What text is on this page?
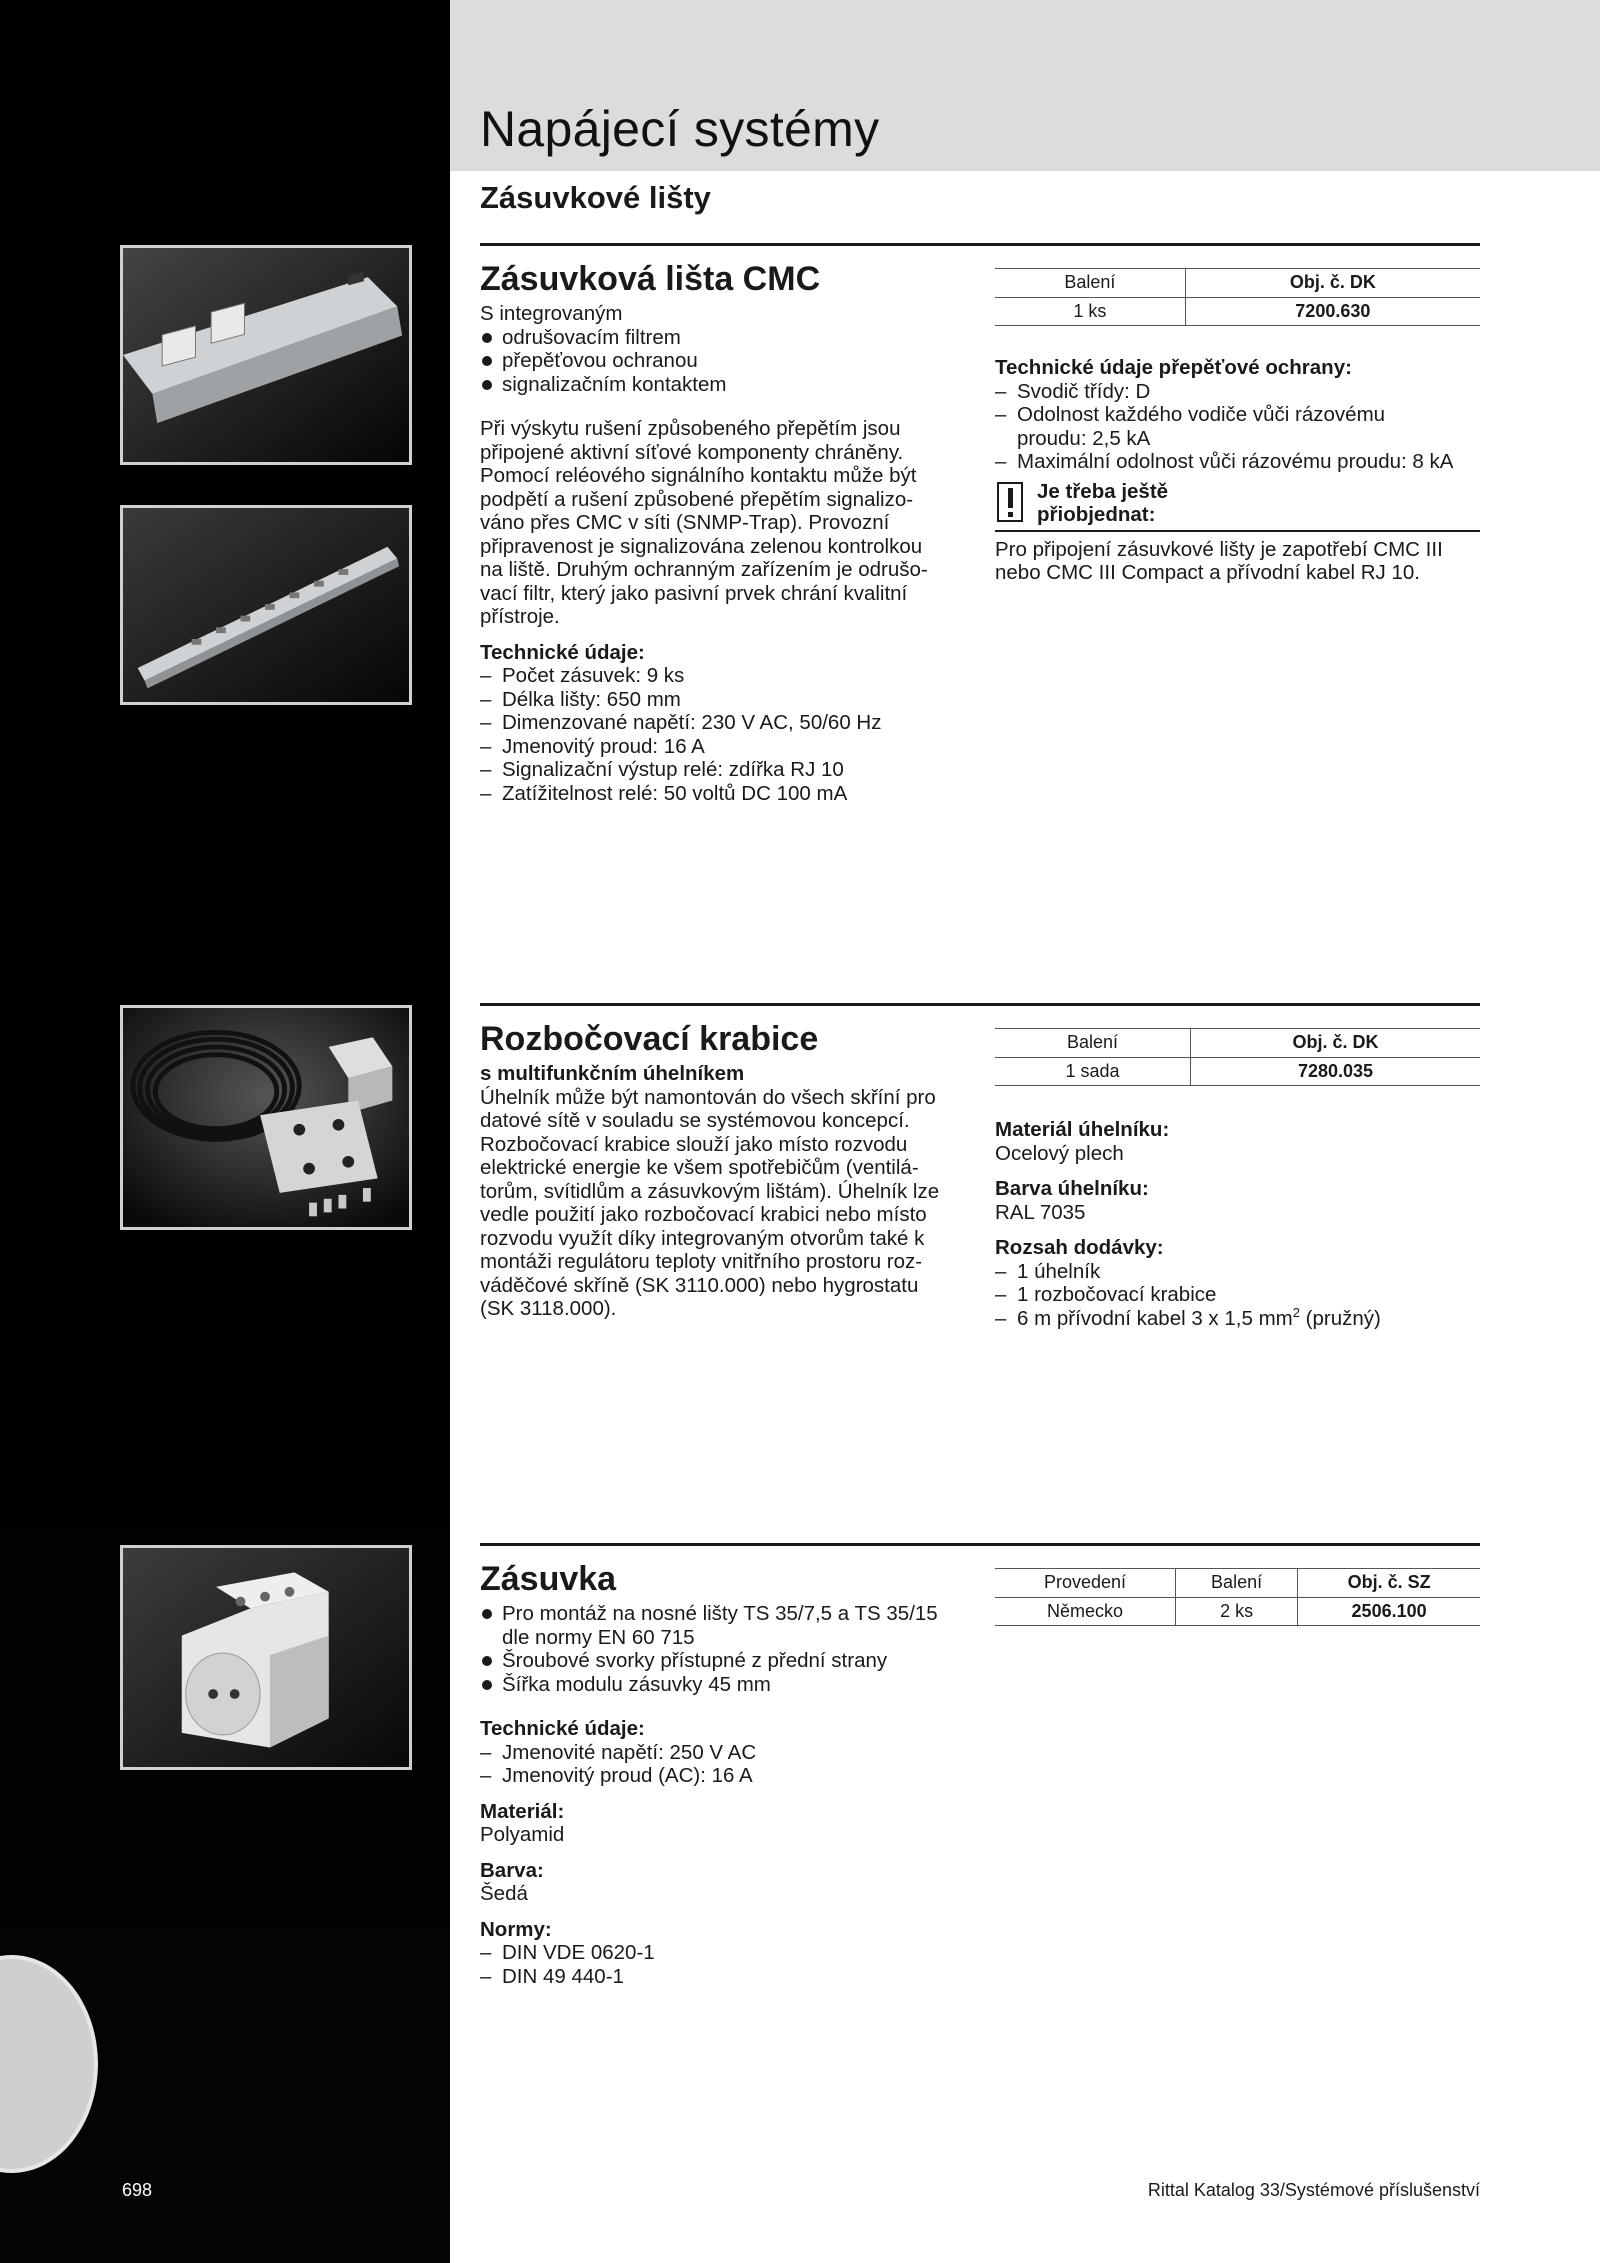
Napájecí systémy
Zásuvkové lišty
Zásuvková lišta CMC

S integrovaným

odrušovacím filtrem
přepěťovou ochranou
signalizačním kontaktem
Při výskytu rušení způsobeného přepětím jsou
připojené aktivní síťové komponenty chráněny.
Pomocí reléového signálního kontaktu může být
podpětí a rušení způsobené přepětím signalizo-
váno přes CMC v síti (SNMP-Trap). Provozní
připravenost je signalizována zelenou kontrolkou
na liště. Druhým ochranným zařízením je odrušo-
vací filtr, který jako pasivní prvek chrání kvalitní
přístroje.

Technické údaje:

– Počet zásuvek: 9 ks
– Délka lišty: 650 mm
– Dimenzované napětí: 230 V AC, 50/60 Hz
– Jmenovitý proud: 16 A
– Signalizační výstup relé: zdířka RJ 10
– Zatížitelnost relé: 50 voltů DC 100 mA
Balení	Obj. č. DK
1 ks	7200.630

Technické údaje přepěťové ochrany:

– Svodič třídy: D
– Odolnost každého vodiče vůči rázovému
proudu: 2,5 kA
– Maximální odolnost vůči rázovému proudu: 8 kA
Je třeba ještě
přiobjednat:
Pro připojení zásuvkové lišty je zapotřebí CMC III
nebo CMC III Compact a přívodní kabel RJ 10.
Rozbočovací krabice

s multifunkčním úhelníkem

Úhelník může být namontován do všech skříní pro
datové sítě v souladu se systémovou koncepcí.
Rozbočovací krabice slouží jako místo rozvodu
elektrické energie ke všem spotřebičům (ventilá-
torům, svítidlům a zásuvkovým lištám). Úhelník lze
vedle použití jako rozbočovací krabici nebo místo
rozvodu využít díky integrovaným otvorům také k
montáži regulátoru teploty vnitřního prostoru roz-
váděčové skříně (SK 3110.000) nebo hygrostatu
(SK 3118.000).
Balení	Obj. č. DK
1 sada	7280.035

Materiál úhelníku:

Ocelový plech

Barva úhelníku:

RAL 7035

Rozsah dodávky:

– 1 úhelník
– 1 rozbočovací krabice
– 6 m přívodní kabel 3 x 1,5 $mm^2$ (pružný)
Zásuvka
Pro montáž na nosné lišty TS 35/7,5 a TS 35/15
dle normy EN 60 715
Šroubové svorky přístupné z přední strany
Šířka modulu zásuvky 45 mm

Technické údaje:

– Jmenovité napětí: 250 V AC
– Jmenovitý proud (AC): 16 A

Materiál:

Polyamid

Barva:

Šedá

Normy:

– DIN VDE 0620-1
– DIN 49 440-1
Provedení	Balení	Obj. č. SZ
Německo	2 ks	2506.100
698	Rittal Katalog 33/Systémové příslušenství
